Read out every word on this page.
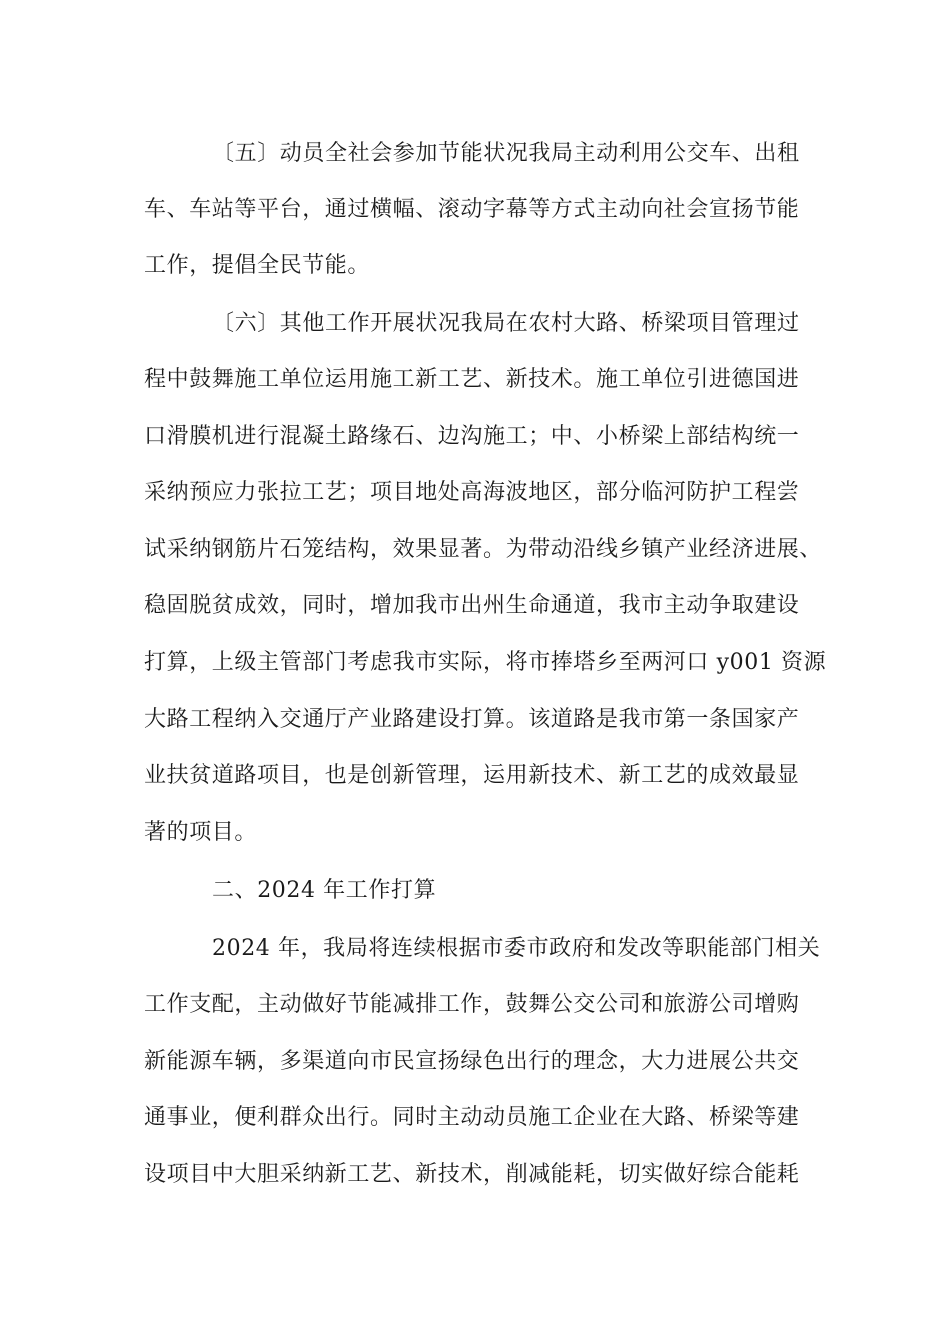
〔五〕动员全社会参加节能状况我局主动利用公交车、出租
车、车站等平台，通过横幅、滚动字幕等方式主动向社会宣扬节能
工作，提倡全民节能。
〔六〕其他工作开展状况我局在农村大路、桥梁项目管理过
程中鼓舞施工单位运用施工新工艺、新技术。施工单位引进德国进
口滑膜机进行混凝土路缘石、边沟施工；中、小桥梁上部结构统一
采纳预应力张拉工艺；项目地处高海波地区，部分临河防护工程尝
试采纳钢筋片石笼结构，效果显著。为带动沿线乡镇产业经济进展、
稳固脱贫成效，同时，增加我市出州生命通道，我市主动争取建设
打算，上级主管部门考虑我市实际，将市捧塔乡至两河口 y001 资源
大路工程纳入交通厅产业路建设打算。该道路是我市第一条国家产
业扶贫道路项目，也是创新管理，运用新技术、新工艺的成效最显
著的项目。
二、2024 年工作打算
2024 年，我局将连续根据市委市政府和发改等职能部门相关
工作支配，主动做好节能减排工作，鼓舞公交公司和旅游公司增购
新能源车辆，多渠道向市民宣扬绿色出行的理念，大力进展公共交
通事业，便利群众出行。同时主动动员施工企业在大路、桥梁等建
设项目中大胆采纳新工艺、新技术，削减能耗，切实做好综合能耗
